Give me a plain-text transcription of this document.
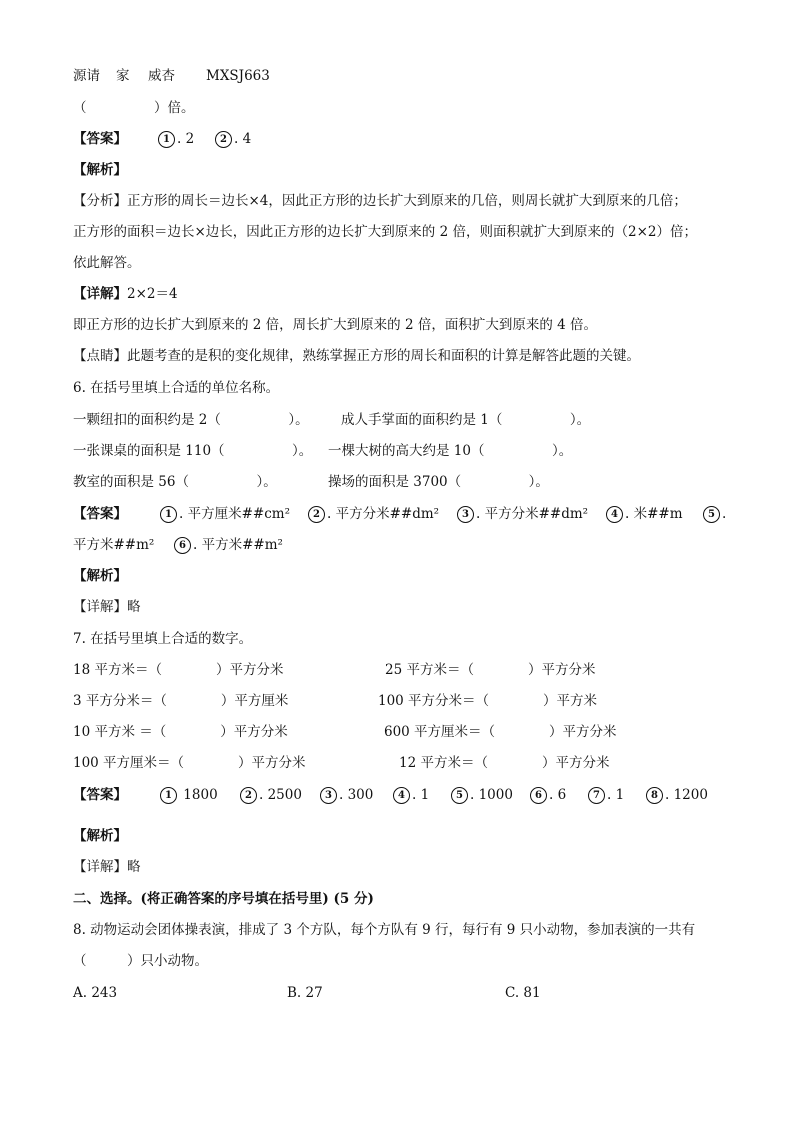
源请 家 威杏 MXSJ663
（　　　　　）倍。
【答案】	1 . 2	2 . 4
【解析】
【分析】正方形的周长＝边长×4，因此正方形的边长扩大到原来的几倍，则周长就扩大到原来的几倍；
正方形的面积＝边长×边长，因此正方形的边长扩大到原来的 2 倍，则面积就扩大到原来的（2×2）倍；
依此解答。
【详解】2×2＝4
即正方形的边长扩大到原来的 2 倍，周长扩大到原来的 2 倍，面积扩大到原来的 4 倍。
【点睛】此题考查的是积的变化规律，熟练掌握正方形的周长和面积的计算是解答此题的关键。
6. 在括号里填上合适的单位名称。
一颗纽扣的面积约是 2（　　　　　）。 成人手掌面的面积约是 1（　　　　　）。
一张课桌的面积是 110（　　　　　）。 一棵大树的高大约是 10（　　　　　）。
教室的面积是 56（　　　　　）。	操场的面积是 3700（　　　　　）。
【答案】	1 . 平方厘米##cm²	2 . 平方分米##dm²	3 . 平方分米##dm²	4 . 米##m	5 .
平方米##m²	6 . 平方米##m²
【解析】
【详解】略
7. 在括号里填上合适的数字。
18 平方米＝（　　　　）平方分米	25 平方米＝（　　　　）平方分米
3 平方分米＝（　　　　）平方厘米	100 平方分米＝（　　　　）平方米
10 平方米 ＝（　　　　）平方分米	600 平方厘米＝（　　　　）平方分米
100 平方厘米＝（　　　　）平方分米	12 平方米＝（　　　　）平方分米
【答案】	1 1800	2 . 2500	3 . 300	4 . 1	5 . 1000	6 . 6	7 . 1	8 . 1200
【解析】
【详解】略
二、选择。(将正确答案的序号填在括号里) (5 分)
8. 动物运动会团体操表演，排成了 3 个方队，每个方队有 9 行，每行有 9 只小动物，参加表演的一共有
（　　　）只小动物。
A. 243	B. 27	C. 81
